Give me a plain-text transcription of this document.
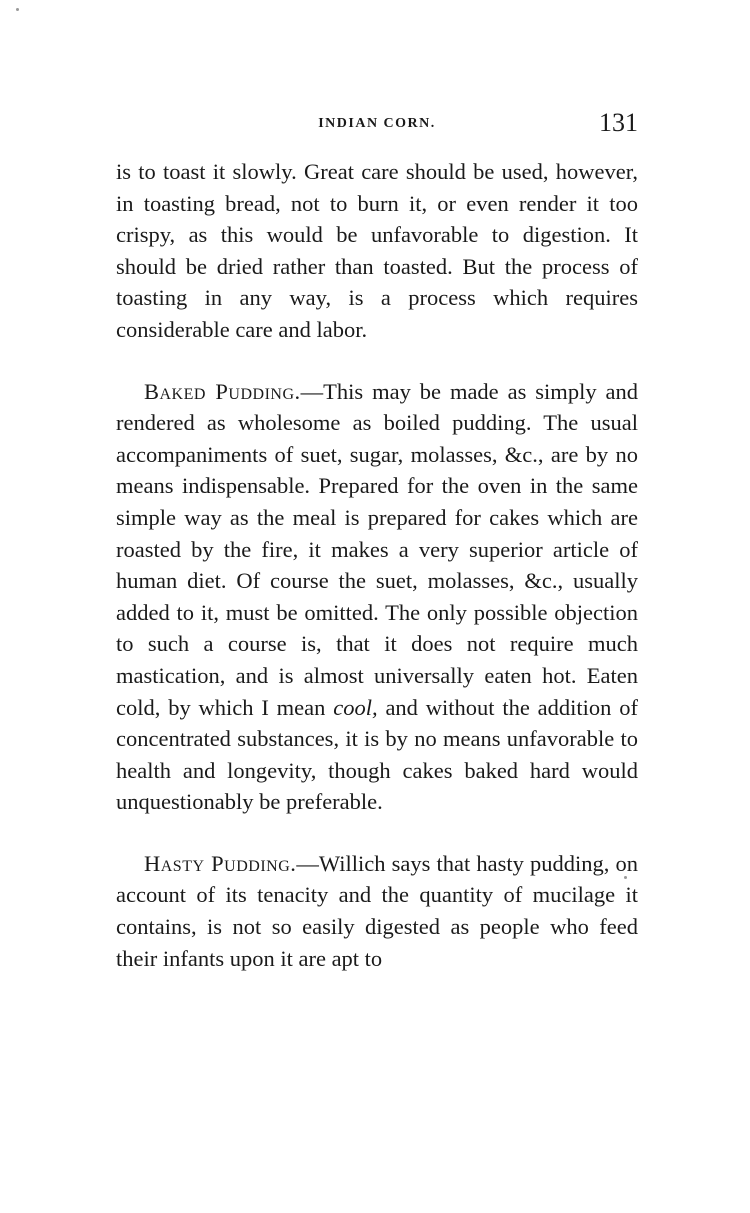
INDIAN CORN.	131

is to toast it slowly. Great care should be used, however, in toasting bread, not to burn it, or even render it too crispy, as this would be unfavorable to digestion. It should be dried rather than toasted. But the process of toasting in any way, is a process which requires considerable care and labor.

Baked Pudding.—This may be made as simply and rendered as wholesome as boiled pudding. The usual accompaniments of suet, sugar, molasses, &c., are by no means indispensable. Prepared for the oven in the same simple way as the meal is prepared for cakes which are roasted by the fire, it makes a very superior article of human diet. Of course the suet, molasses, &c., usually added to it, must be omitted. The only possible objection to such a course is, that it does not require much mastication, and is almost universally eaten hot. Eaten cold, by which I mean cool, and without the addition of concentrated substances, it is by no means unfavorable to health and longevity, though cakes baked hard would unquestionably be preferable.

Hasty Pudding.—Willich says that hasty pudding, on account of its tenacity and the quantity of mucilage it contains, is not so easily digested as people who feed their infants upon it are apt to
